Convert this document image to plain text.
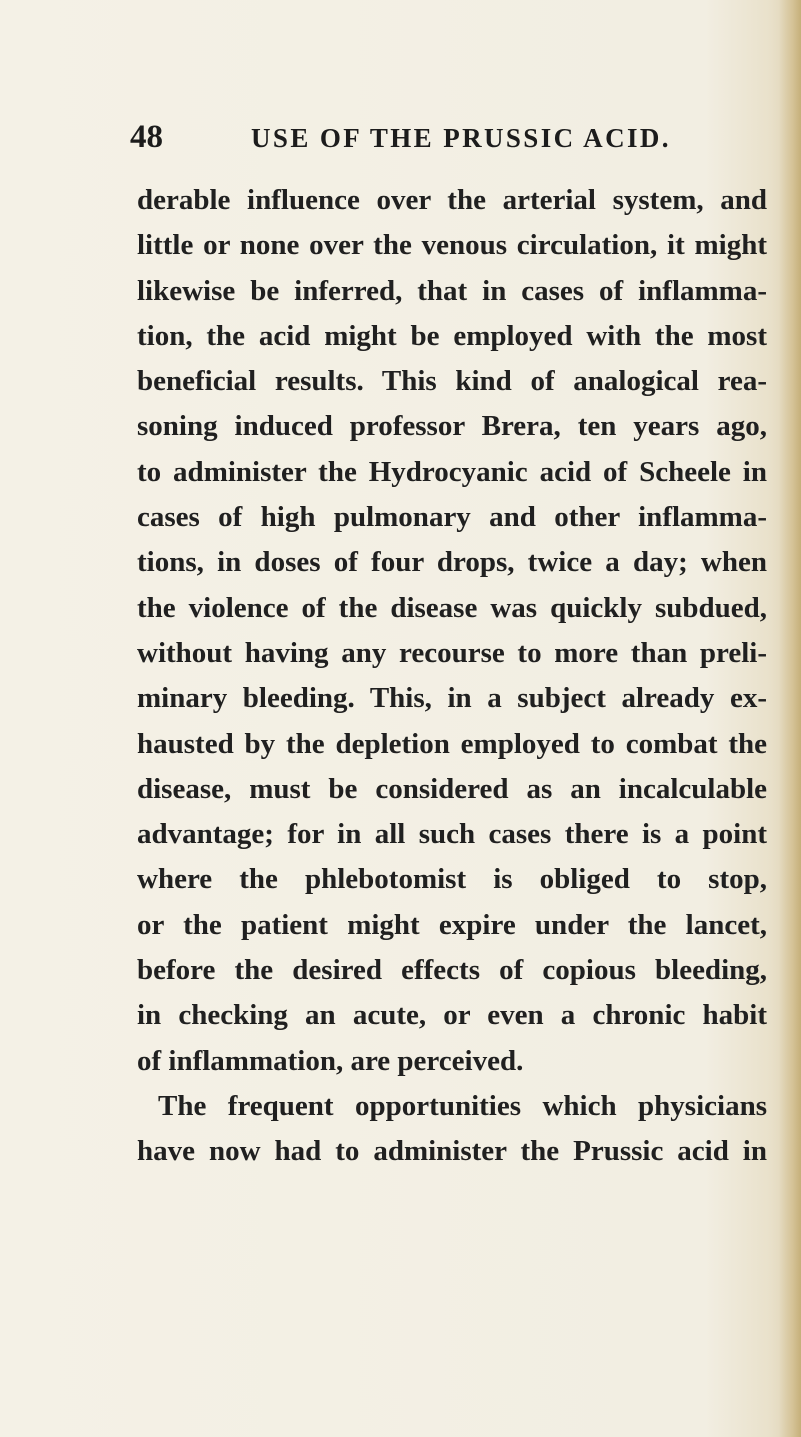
48	USE OF THE PRUSSIC ACID.
derable influence over the arterial system, and
little or none over the venous circulation, it might
likewise be inferred, that in cases of inflamma-
tion, the acid might be employed with the most
beneficial results. This kind of analogical rea-
soning induced professor Brera, ten years ago,
to administer the Hydrocyanic acid of Scheele in
cases of high pulmonary and other inflamma-
tions, in doses of four drops, twice a day; when
the violence of the disease was quickly subdued,
without having any recourse to more than preli-
minary bleeding. This, in a subject already ex-
hausted by the depletion employed to combat the
disease, must be considered as an incalculable
advantage; for in all such cases there is a point
where the phlebotomist is obliged to stop,
or the patient might expire under the lancet,
before the desired effects of copious bleeding,
in checking an acute, or even a chronic habit
of inflammation, are perceived.
The frequent opportunities which physicians
have now had to administer the Prussic acid in
